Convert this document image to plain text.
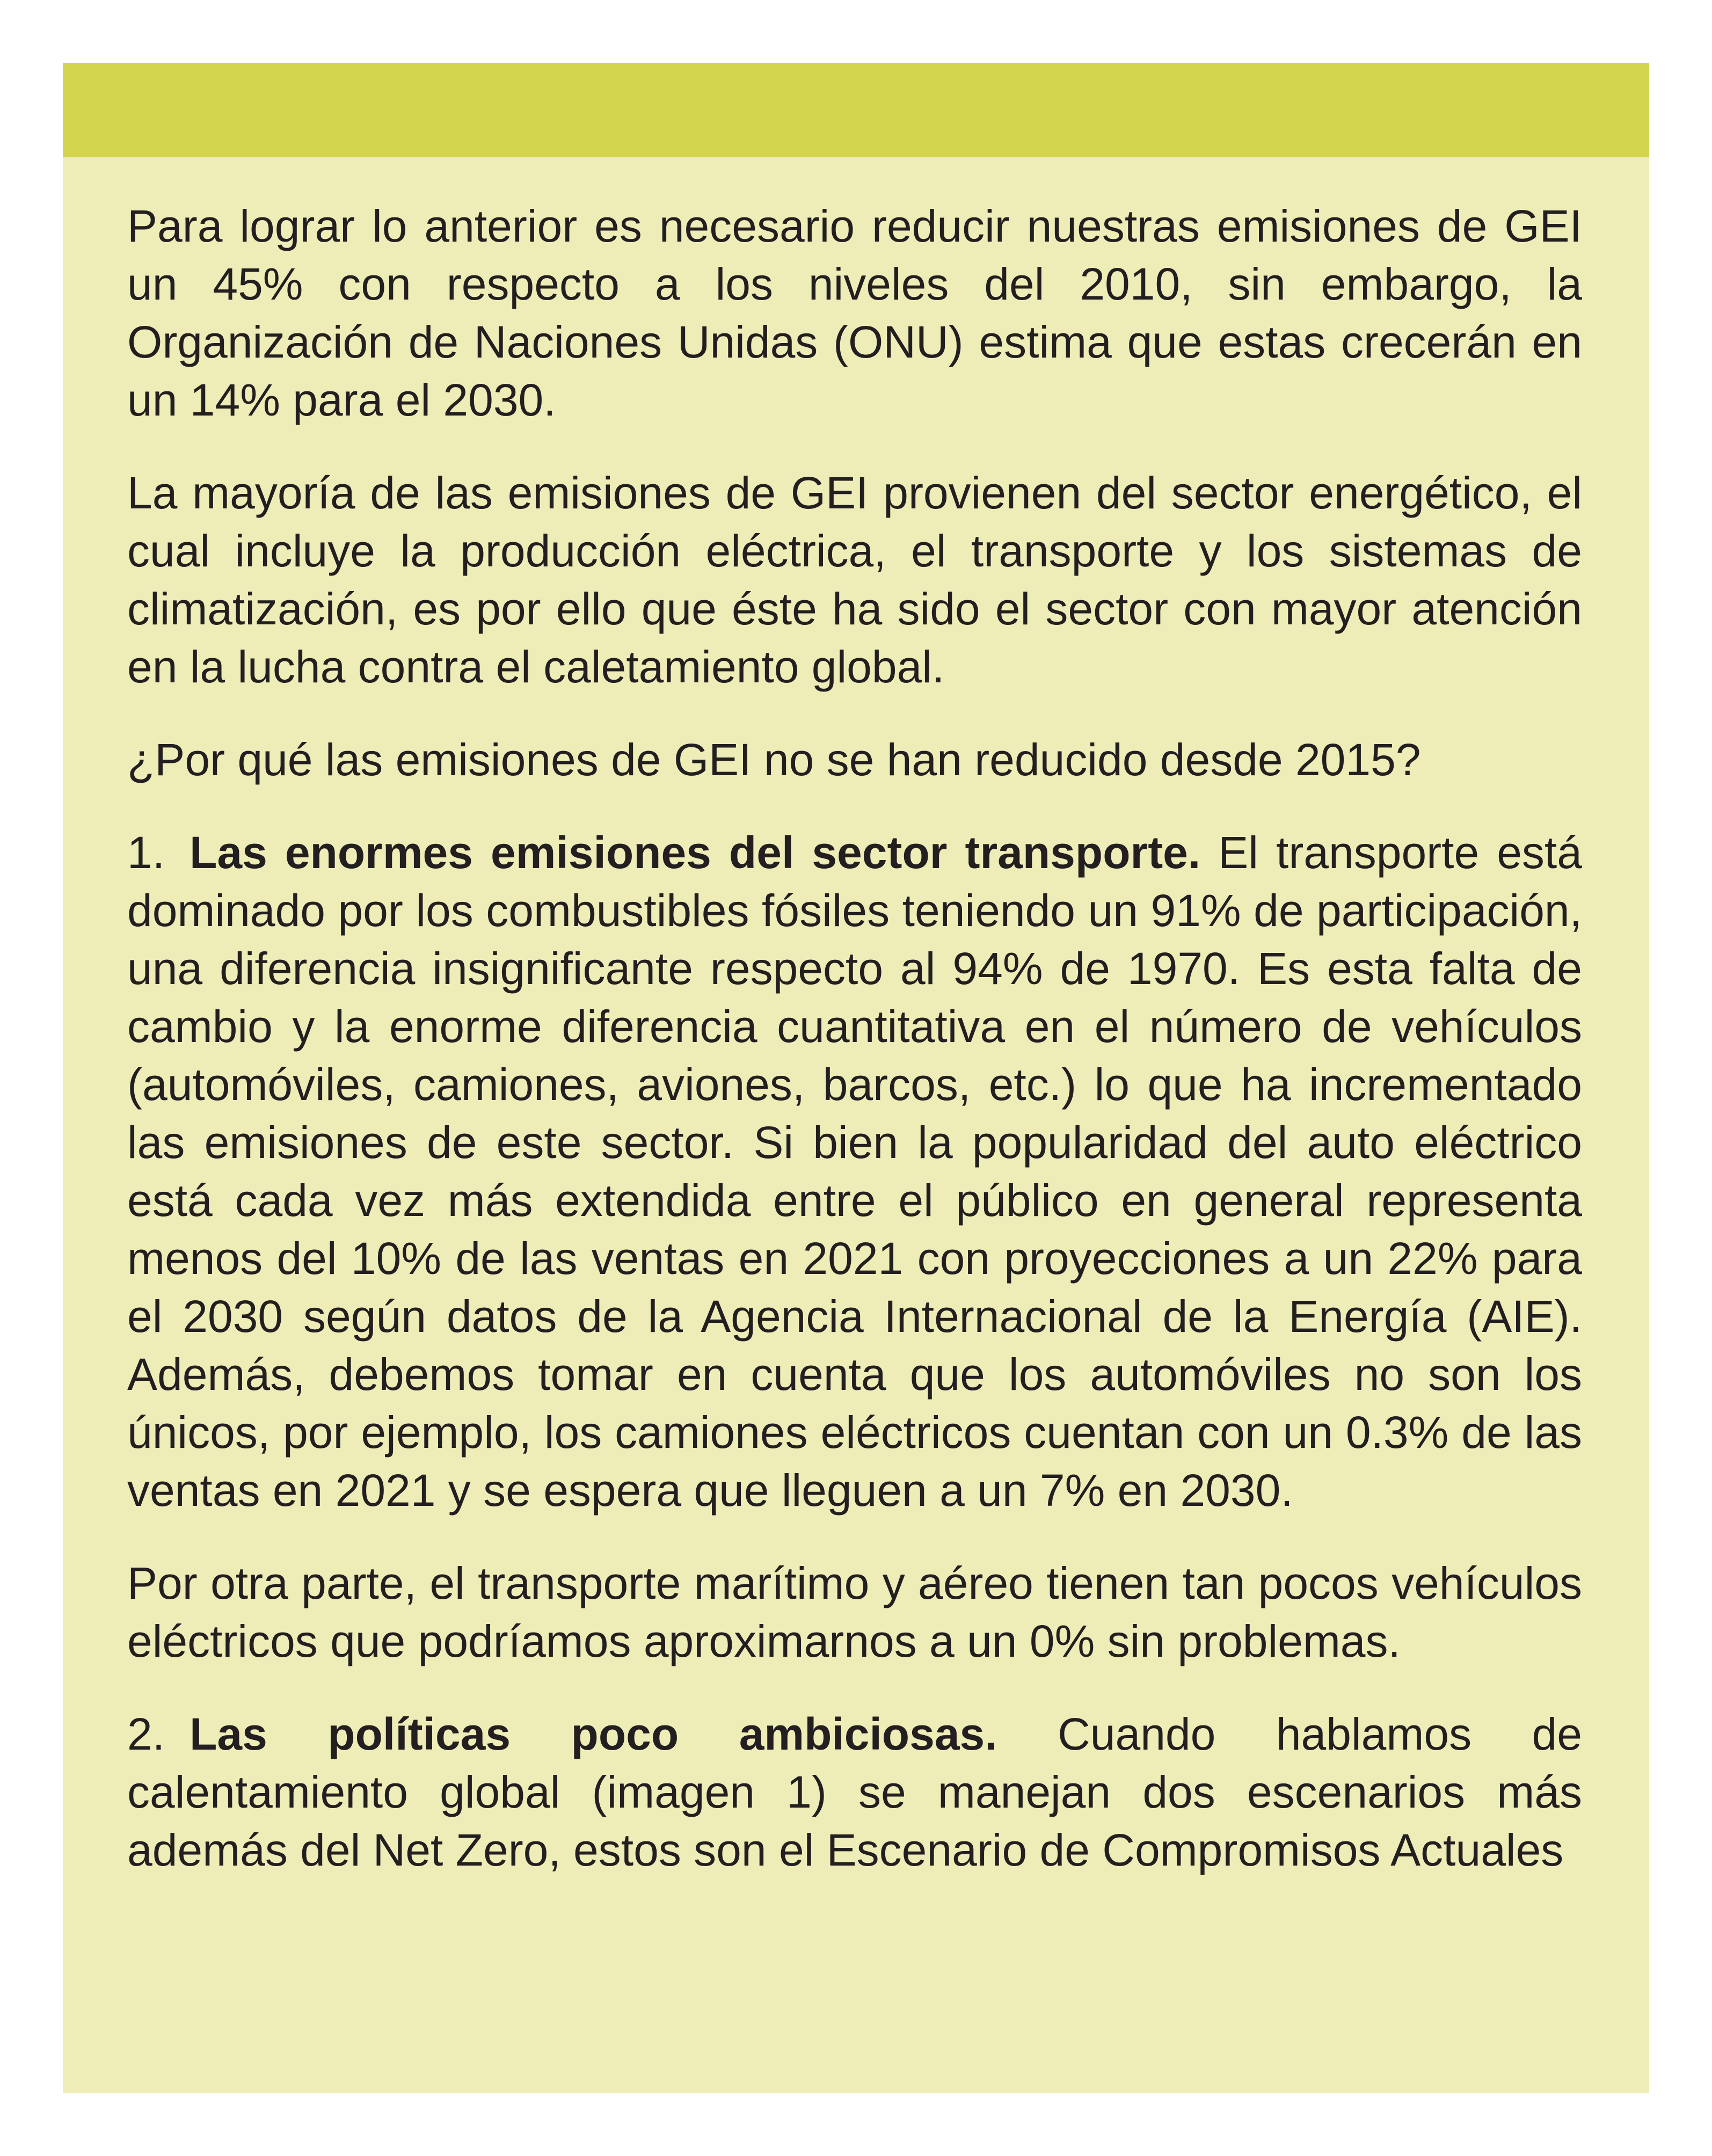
Para lograr lo anterior es necesario reducir nuestras emisiones de GEI un 45% con respecto a los niveles del 2010, sin embargo, la Organización de Naciones Unidas (ONU) estima que estas crecerán en un 14% para el 2030.

La mayoría de las emisiones de GEI provienen del sector energético, el cual incluye la producción eléctrica, el transporte y los sistemas de climatización, es por ello que éste ha sido el sector con mayor atención en la lucha contra el caletamiento global.

¿Por qué las emisiones de GEI no se han reducido desde 2015?

1. Las enormes emisiones del sector transporte. El transporte está dominado por los combustibles fósiles teniendo un 91% de participación, una diferencia insignificante respecto al 94% de 1970. Es esta falta de cambio y la enorme diferencia cuantitativa en el número de vehículos (automóviles, camiones, aviones, barcos, etc.) lo que ha incrementado las emisiones de este sector. Si bien la popularidad del auto eléctrico está cada vez más extendida entre el público en general representa menos del 10% de las ventas en 2021 con proyecciones a un 22% para el 2030 según datos de la Agencia Internacional de la Energía (AIE). Además, debemos tomar en cuenta que los automóviles no son los únicos, por ejemplo, los camiones eléctricos cuentan con un 0.3% de las ventas en 2021 y se espera que lleguen a un 7% en 2030.

Por otra parte, el transporte marítimo y aéreo tienen tan pocos vehículos eléctricos que podríamos aproximarnos a un 0% sin problemas.

2. Las políticas poco ambiciosas. Cuando hablamos de calentamiento global (imagen 1) se manejan dos escenarios más además del Net Zero, estos son el Escenario de Compromisos Actuales
